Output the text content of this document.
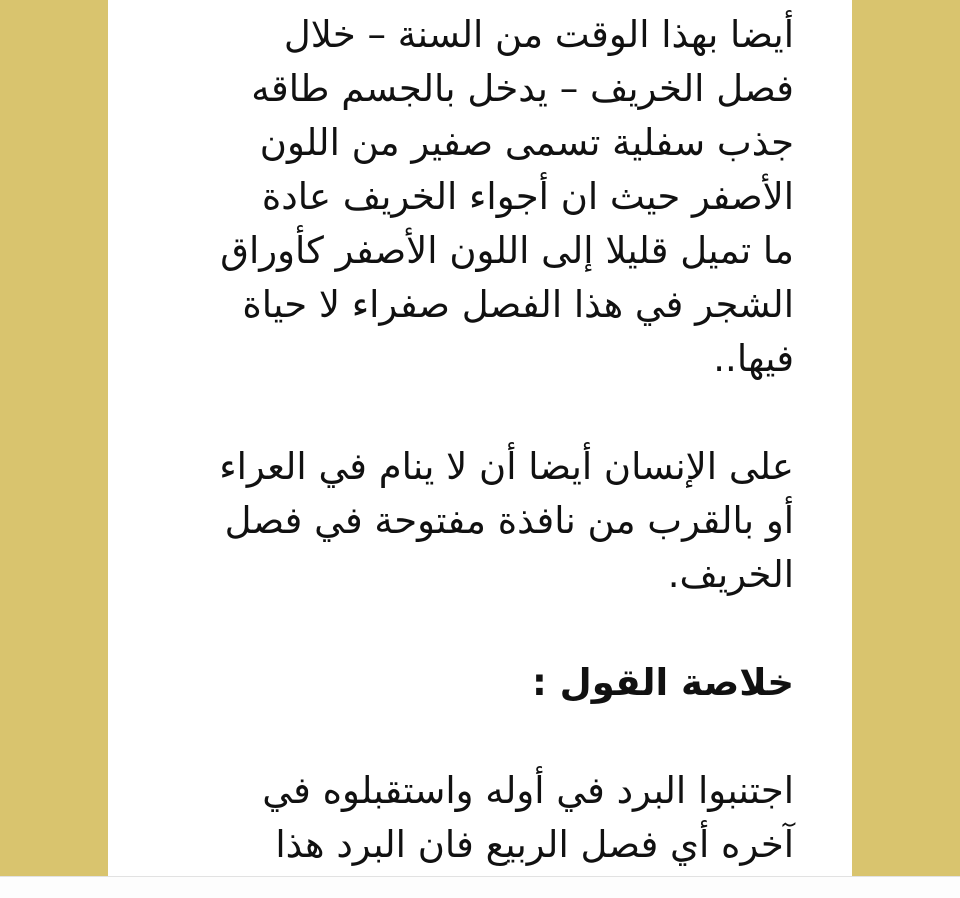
أيضا بهذا الوقت من السنة – خلال
فصل الخريف – يدخل بالجسم طاقه
جذب سفلية تسمى صفير من اللون
الأصفر حيث ان أجواء الخريف عادة
ما تميل قليلا إلى اللون الأصفر كأوراق
الشجر في هذا الفصل صفراء لا حياة
فيها..

على الإنسان أيضا أن لا ينام في العراء
أو بالقرب من نافذة مفتوحة في فصل
الخريف.

خلاصة القول :

اجتنبوا البرد في أوله واستقبلوه في
آخره أي فصل الربيع فان البرد هذا
